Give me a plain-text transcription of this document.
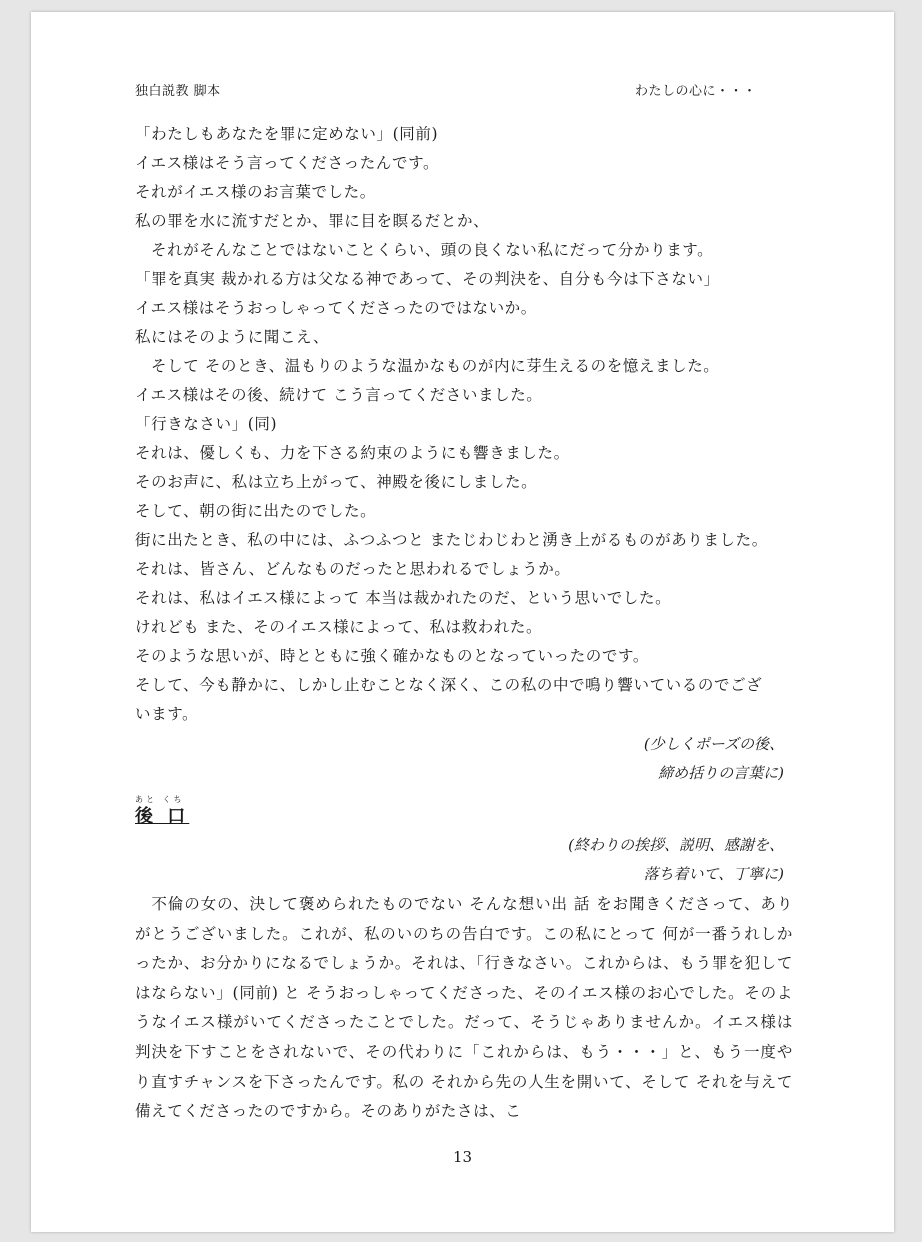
独白説教 脚本	わたしの心に・・・
「わたしもあなたを罪に定めない」(同前)
イエス様はそう言ってくださったんです。
それがイエス様のお言葉でした。
私の罪を水に流すだとか、罪に目を瞑るだとか、
それがそんなことではないことくらい、頭の良くない私にだって分かります。
「罪を真実 裁かれる方は父なる神であって、その判決を、自分も今は下さない」
イエス様はそうおっしゃってくださったのではないか。
私にはそのように聞こえ、
そして そのとき、温もりのような温かなものが内に芽生えるのを憶えました。
イエス様はその後、続けて こう言ってくださいました。
「行きなさい」(同)
それは、優しくも、力を下さる約束のようにも響きました。
そのお声に、私は立ち上がって、神殿を後にしました。
そして、朝の街に出たのでした。
街に出たとき、私の中には、ふつふつと またじわじわと湧き上がるものがありました。
それは、皆さん、どんなものだったと思われるでしょうか。
それは、私はイエス様によって 本当は裁かれたのだ、という思いでした。
けれども また、そのイエス様によって、私は救われた。
そのような思いが、時とともに強く確かなものとなっていったのです。
そして、今も静かに、しかし止むことなく深く、この私の中で鳴り響いているのでござ
います。
(少しくポーズの後、
締め括りの言葉に)
あと くち
後 口
(終わりの挨拶、説明、感謝を、
落ち着いて、丁寧に)
不倫の女の、決して褒められたものでない そんな想い出 話 をお聞きくださって、ありがとうございました。これが、私のいのちの告白です。この私にとって 何が一番うれしかったか、お分かりになるでしょうか。それは、「行きなさい。これからは、もう罪を犯してはならない」(同前) と そうおっしゃってくださった、そのイエス様のお心でした。そのようなイエス様がいてくださったことでした。だって、そうじゃありませんか。イエス様は判決を下すことをされないで、その代わりに「これからは、もう・・・」と、もう一度やり直すチャンスを下さったんです。私の それから先の人生を開いて、そして それを与えて備えてくださったのですから。そのありがたさは、こ
13
